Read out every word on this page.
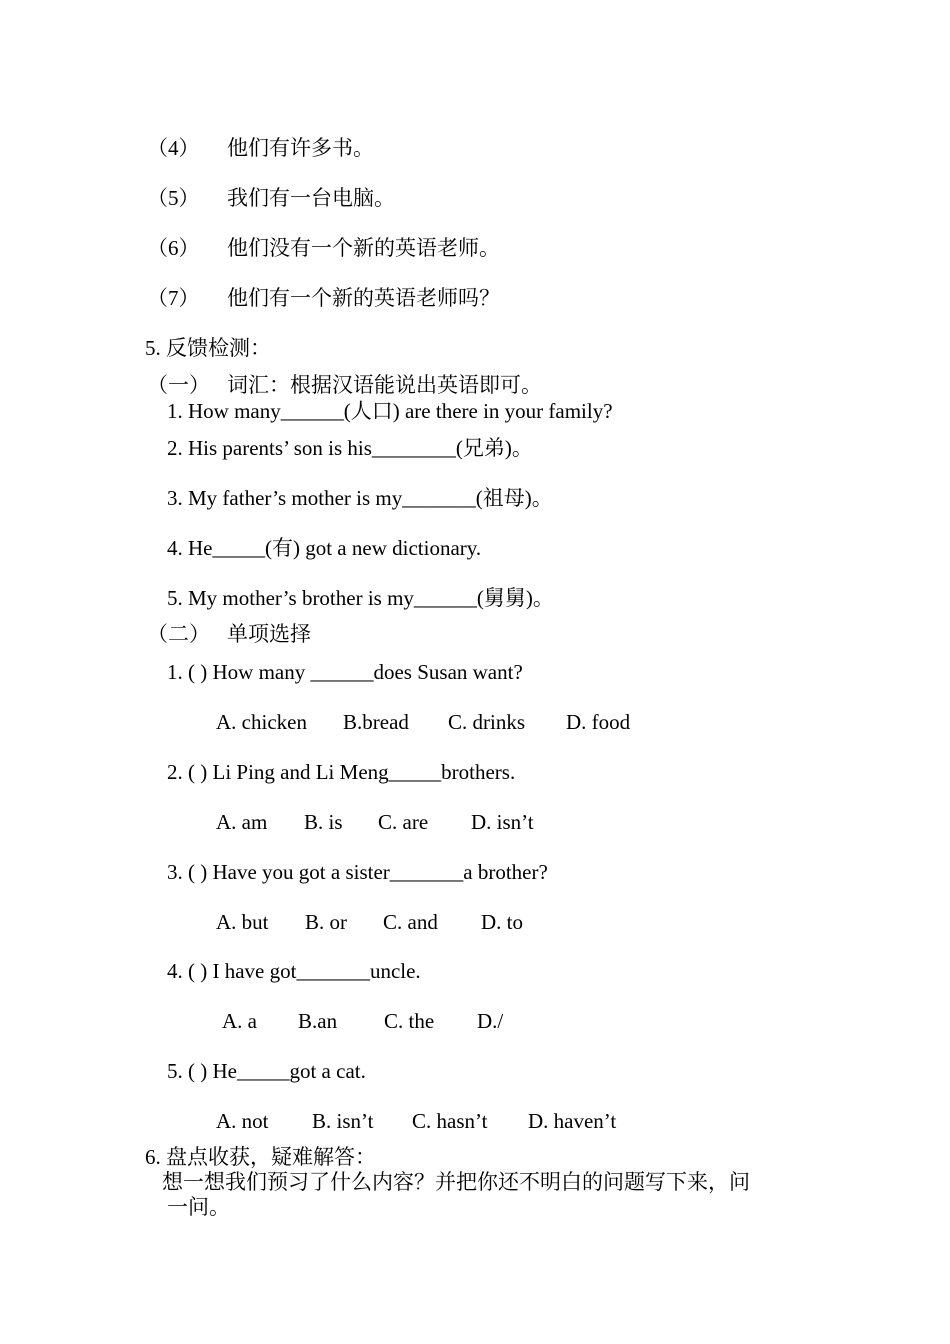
（4） 他们有许多书。
（5） 我们有一台电脑。
（6） 他们没有一个新的英语老师。
（7） 他们有一个新的英语老师吗？
5. 反馈检测：
（一） 词汇：根据汉语能说出英语即可。
1. How many______(人口) are there in your family?
2. His parents’ son is his________(兄弟)。
3. My father’s mother is my_______(祖母)。
4. He_____(有) got a new dictionary.
5. My mother’s brother is my______(舅舅)。
（二） 单项选择
1. ( ) How many ______does Susan want?
A. chicken B.bread C. drinks D. food
2. ( ) Li Ping and Li Meng_____brothers.
A. am B. is C. are D. isn’t
3. ( ) Have you got a sister_______a brother?
A. but B. or C. and D. to
4. ( ) I have got_______uncle.
A. a B.an C. the D./
5. ( ) He_____got a cat.
A. not B. isn’t C. hasn’t D. haven’t
6. 盘点收获，疑难解答：
想一想我们预习了什么内容？并把你还不明白的问题写下来，问
一问。
